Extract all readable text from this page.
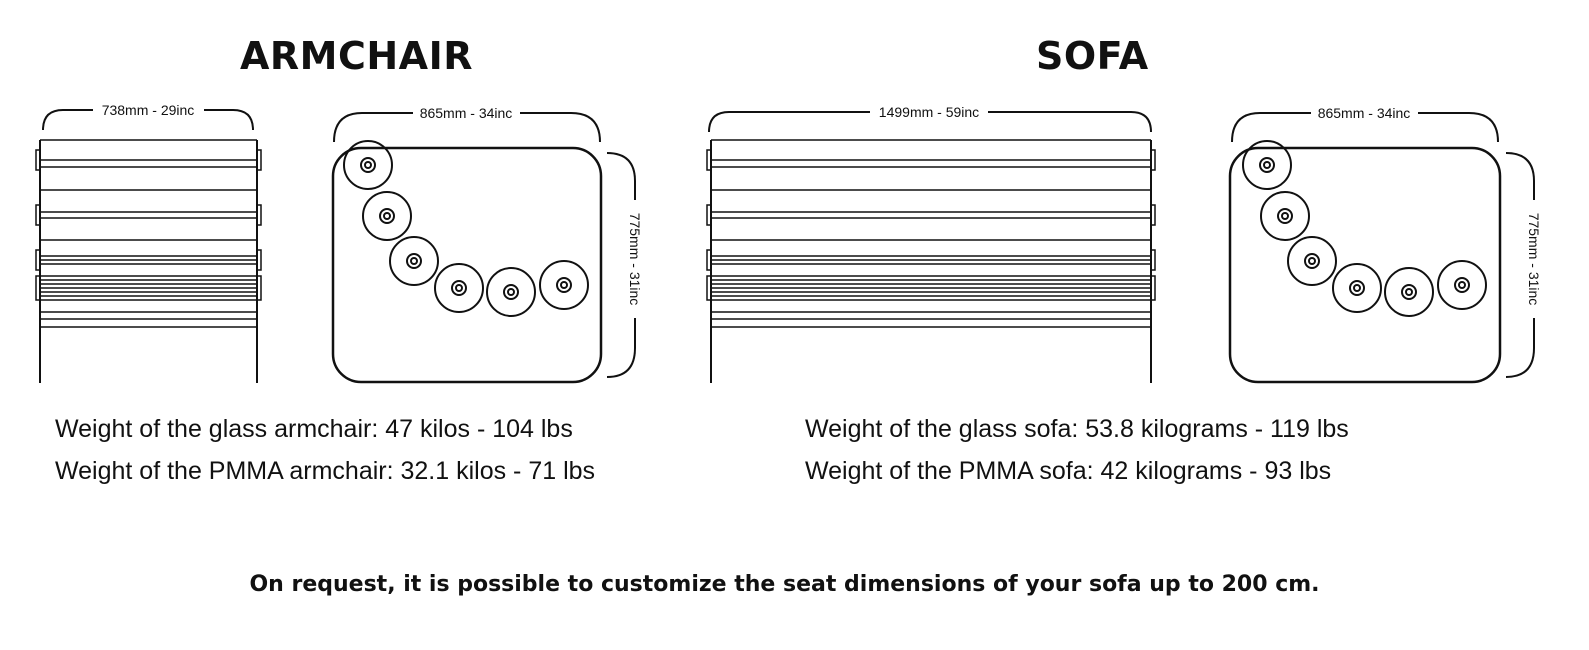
ARMCHAIR	SOFA
738mm - 29inc	865mm - 34inc
775mm - 31inc
1499mm - 59inc	865mm - 34inc
775mm - 31inc
Weight of the glass armchair: 47 kilos - 104 lbs
Weight of the PMMA armchair: 32.1 kilos - 71 lbs
Weight of the glass sofa: 53.8 kilograms - 119 lbs
Weight of the PMMA sofa: 42 kilograms - 93 lbs

On request, it is possible to customize the seat dimensions of your sofa up to 200 cm.
